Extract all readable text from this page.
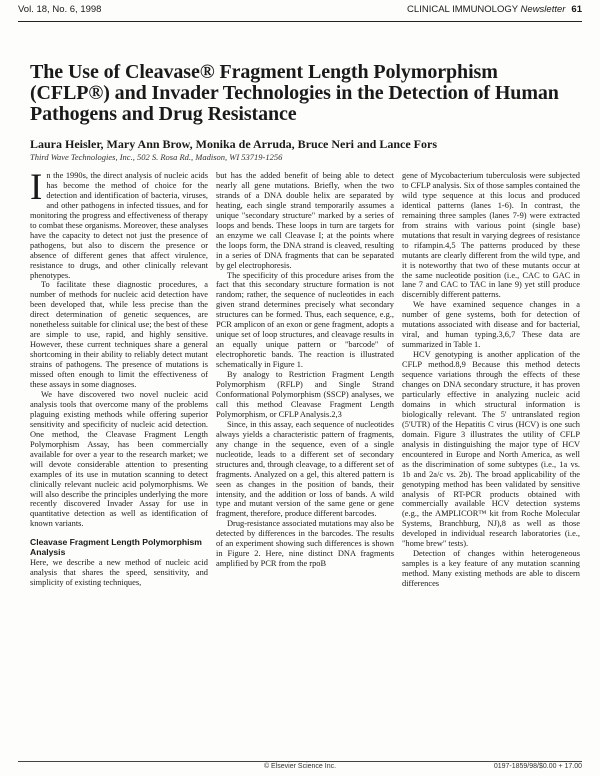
Vol. 18, No. 6, 1998	CLINICAL IMMUNOLOGY Newsletter 61
The Use of Cleavase® Fragment Length Polymorphism (CFLP®) and Invader Technologies in the Detection of Human Pathogens and Drug Resistance
Laura Heisler, Mary Ann Brow, Monika de Arruda, Bruce Neri and Lance Fors
Third Wave Technologies, Inc., 502 S. Rosa Rd., Madison, WI 53719-1256

In the 1990s, the direct analysis of nucleic acids has become the method of choice for the detection and identification of bacteria, viruses, and other pathogens in infected tissues, and for monitoring the progress and effectiveness of therapy to combat these organisms. Moreover, these analyses have the capacity to detect not just the presence of pathogens, but also to discern the presence or absence of different genes that affect virulence, resistance to drugs, and other clinically relevant phenotypes.

To facilitate these diagnostic procedures, a number of methods for nucleic acid detection have been developed that, while less precise than the direct determination of genetic sequences, are nonetheless suitable for clinical use; the best of these are simple to use, rapid, and highly sensitive. However, these current techniques share a general shortcoming in their ability to reliably detect mutant strains of pathogens. The presence of mutations is missed often enough to limit the effectiveness of these assays in some diagnoses.

We have discovered two novel nucleic acid analysis tools that overcome many of the problems plaguing existing methods while offering superior sensitivity and specificity of nucleic acid detection. One method, the Cleavase Fragment Length Polymorphism Assay, has been commercially available for over a year to the research market; we will devote considerable attention to presenting examples of its use in mutation scanning to detect clinically relevant nucleic acid polymorphisms. We will also describe the principles underlying the more recently discovered Invader Assay for use in quantitative detection as well as identification of known variants.

Cleavase Fragment Length Polymorphism Analysis

Here, we describe a new method of nucleic acid analysis that shares the speed, sensitivity, and simplicity of existing techniques,

but has the added benefit of being able to detect nearly all gene mutations. Briefly, when the two strands of a DNA double helix are separated by heating, each single strand temporarily assumes a unique "secondary structure" marked by a series of loops and bends. These loops in turn are targets for an enzyme we call Cleavase I; at the points where the loops form, the DNA strand is cleaved, resulting in a series of DNA fragments that can be separated by gel electrophoresis.

The specificity of this procedure arises from the fact that this secondary structure formation is not random; rather, the sequence of nucleotides in each given strand determines precisely what secondary structures can be formed. Thus, each sequence, e.g., PCR amplicon of an exon or gene fragment, adopts a unique set of loop structures, and cleavage results in an equally unique pattern or "barcode" of electrophoretic bands. The reaction is illustrated schematically in Figure 1.

By analogy to Restriction Fragment Length Polymorphism (RFLP) and Single Strand Conformational Polymorphism (SSCP) analyses, we call this method Cleavase Fragment Length Polymorphism, or CFLP Analysis.2,3

Since, in this assay, each sequence of nucleotides always yields a characteristic pattern of fragments, any change in the sequence, even of a single nucleotide, leads to a different set of secondary structures and, through cleavage, to a different set of fragments. Analyzed on a gel, this altered pattern is seen as changes in the position of bands, their intensity, and the addition or loss of bands. A wild type and mutant version of the same gene or gene fragment, therefore, produce different barcodes.

Drug-resistance associated mutations may also be detected by differences in the barcodes. The results of an experiment showing such differences is shown in Figure 2. Here, nine distinct DNA fragments amplified by PCR from the rpoB

gene of Mycobacterium tuberculosis were subjected to CFLP analysis. Six of those samples contained the wild type sequence at this locus and produced identical patterns (lanes 1-6). In contrast, the remaining three samples (lanes 7-9) were extracted from strains with various point (single base) mutations that result in varying degrees of resistance to rifampin.4,5 The patterns produced by these mutants are clearly different from the wild type, and it is noteworthy that two of these mutants occur at the same nucleotide position (i.e., CAC to GAC in lane 7 and CAC to TAC in lane 9) yet still produce discernibly different patterns.

We have examined sequence changes in a number of gene systems, both for detection of mutations associated with disease and for bacterial, viral, and human typing.3,6,7 These data are summarized in Table 1.

HCV genotyping is another application of the CFLP method.8,9 Because this method detects sequence variations through the effects of these changes on DNA secondary structure, it has proven particularly effective in analyzing nucleic acid domains in which structural information is biologically relevant. The 5' untranslated region (5'UTR) of the Hepatitis C virus (HCV) is one such domain. Figure 3 illustrates the utility of CFLP analysis in distinguishing the major type of HCV encountered in Europe and North America, as well as the discrimination of some subtypes (i.e., 1a vs. 1b and 2a/c vs. 2b). The broad applicability of the genotyping method has been validated by sensitive analysis of RT-PCR products obtained with commercially available HCV detection systems (e.g., the AMPLICOR™ kit from Roche Molecular Systems, Branchburg, NJ),8 as well as those developed in individual research laboratories (i.e., "home brew" tests).

Detection of changes within heterogeneous samples is a key feature of any mutation scanning method. Many existing methods are able to discern differences

© Elsevier Science Inc.	0197-1859/98/$0.00 + 17.00
